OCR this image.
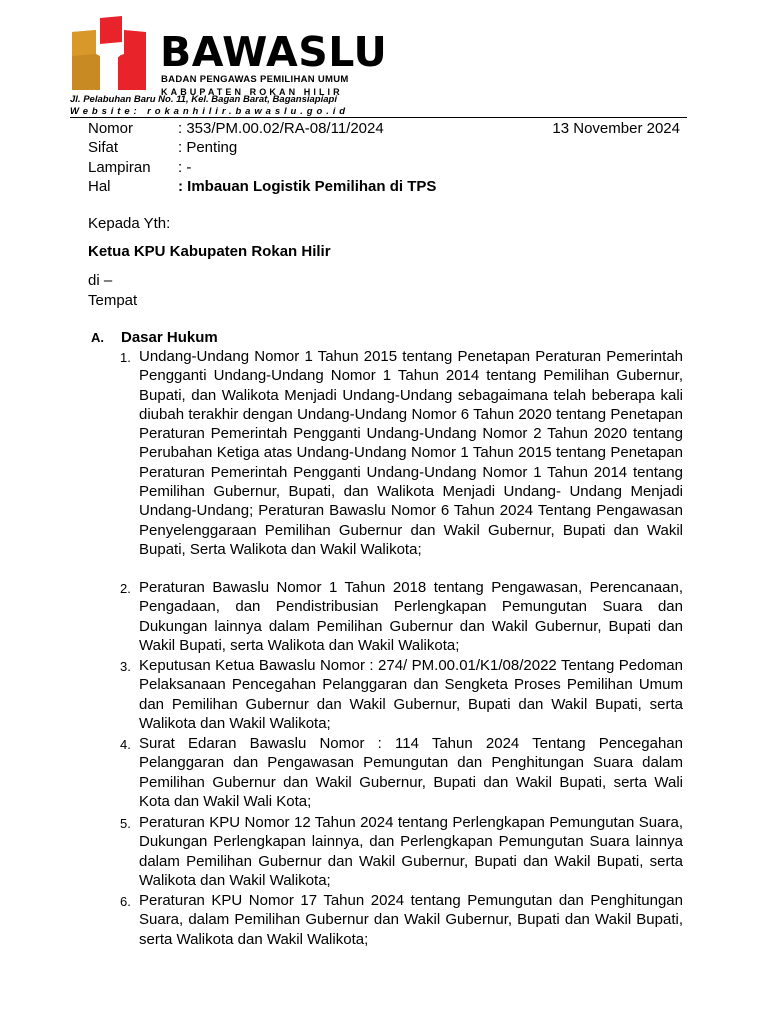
BAWASLU
BADAN PENGAWAS PEMILIHAN UMUM
KABUPATEN ROKAN HILIR
Jl. Pelabuhan Baru No. 11, Kel. Bagan Barat, Bagansiapiapi
Website: rokanhilir.bawaslu.go.id
Nomor	: 353/PM.00.02/RA-08/11/2024
Sifat	: Penting
Lampiran : -
Hal	: Imbauan Logistik Pemilihan di TPS
13 November 2024
Kepada Yth:
Ketua KPU Kabupaten Rokan Hilir
di –
Tempat
A. Dasar Hukum
1. Undang-Undang Nomor 1 Tahun 2015 tentang Penetapan Peraturan Pemerintah Pengganti Undang-Undang Nomor 1 Tahun 2014 tentang Pemilihan Gubernur, Bupati, dan Walikota Menjadi Undang-Undang sebagaimana telah beberapa kali diubah terakhir dengan Undang-Undang Nomor 6 Tahun 2020 tentang Penetapan Peraturan Pemerintah Pengganti Undang-Undang Nomor 2 Tahun 2020 tentang Perubahan Ketiga atas Undang-Undang Nomor 1 Tahun 2015 tentang Penetapan Peraturan Pemerintah Pengganti Undang-Undang Nomor 1 Tahun 2014 tentang Pemilihan Gubernur, Bupati, dan Walikota Menjadi Undang- Undang Menjadi Undang-Undang; Peraturan Bawaslu Nomor 6 Tahun 2024 Tentang Pengawasan Penyelenggaraan Pemilihan Gubernur dan Wakil Gubernur, Bupati dan Wakil Bupati, Serta Walikota dan Wakil Walikota;
2. Peraturan Bawaslu Nomor 1 Tahun 2018 tentang Pengawasan, Perencanaan, Pengadaan, dan Pendistribusian Perlengkapan Pemungutan Suara dan Dukungan lainnya dalam Pemilihan Gubernur dan Wakil Gubernur, Bupati dan Wakil Bupati, serta Walikota dan Wakil Walikota;
3. Keputusan Ketua Bawaslu Nomor : 274/ PM.00.01/K1/08/2022 Tentang Pedoman Pelaksanaan Pencegahan Pelanggaran dan Sengketa Proses Pemilihan Umum dan Pemilihan Gubernur dan Wakil Gubernur, Bupati dan Wakil Bupati, serta Walikota dan Wakil Walikota;
4. Surat Edaran Bawaslu Nomor : 114 Tahun 2024 Tentang Pencegahan Pelanggaran dan Pengawasan Pemungutan dan Penghitungan Suara dalam Pemilihan Gubernur dan Wakil Gubernur, Bupati dan Wakil Bupati, serta Wali Kota dan Wakil Wali Kota;
5. Peraturan KPU Nomor 12 Tahun 2024 tentang Perlengkapan Pemungutan Suara, Dukungan Perlengkapan lainnya, dan Perlengkapan Pemungutan Suara lainnya dalam Pemilihan Gubernur dan Wakil Gubernur, Bupati dan Wakil Bupati, serta Walikota dan Wakil Walikota;
6. Peraturan KPU Nomor 17 Tahun 2024 tentang Pemungutan dan Penghitungan Suara, dalam Pemilihan Gubernur dan Wakil Gubernur, Bupati dan Wakil Bupati, serta Walikota dan Wakil Walikota;
